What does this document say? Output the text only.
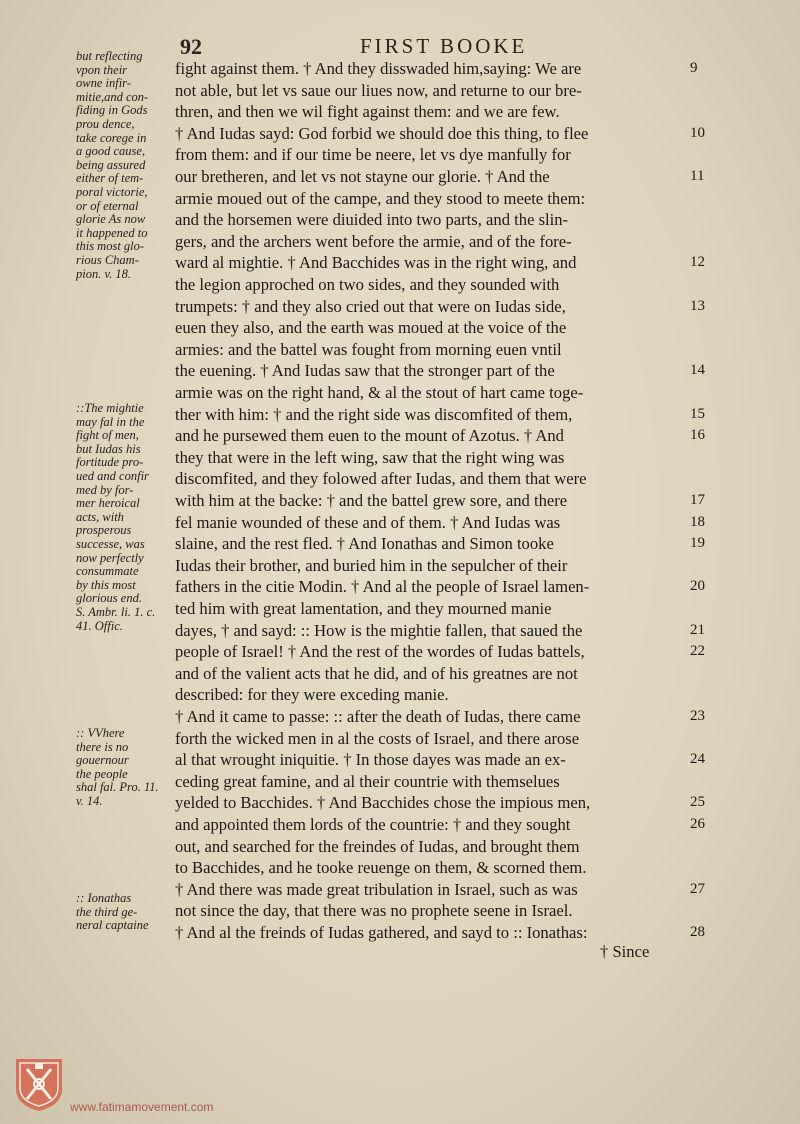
92	FIRST BOOKE
but reflecting
vpon their
owne infir-
mitie,and con-
fiding in Gods
prou dence,
take corege in
a good cause,
being assured
either of tem-
poral victorie,
or of eternal
glorie As now
it happened to
this most glo-
rious Cham-
pion. v. 18.
::The mightie
may fal in the
fight of men,
but Iudas his
fortitude pro-
ued and confir
med by for-
mer heroical
acts, with
prosperous
successe, was
now perfectly
consummate
by this most
glorious end.
S. Ambr. li. 1. c.
41. Offic.
:: VVhere
there is no
gouernour
the people
shal fal. Pro. 11.
v. 14.
:: Ionathas
the third ge-
neral captaine
fight against them. † And they disswaded him,saying: We are
not able, but let vs saue our liues now, and returne to our bre-
thren, and then we wil fight against them: and we are few.
† And Iudas sayd: God forbid we should doe this thing, to flee
from them: and if our time be neere, let vs dye manfully for
our bretheren, and let vs not stayne our glorie. † And the
armie moued out of the campe, and they stood to meete them:
and the horsemen were diuided into two parts, and the slin-
gers, and the archers went before the armie, and of the fore-
ward al mightie. † And Bacchides was in the right wing, and
the legion approched on two sides, and they sounded with
trumpets: † and they also cried out that were on Iudas side,
euen they also, and the earth was moued at the voice of the
armies: and the battel was fought from morning euen vntil
the euening. † And Iudas saw that the stronger part of the
armie was on the right hand, & al the stout of hart came toge-
ther with him: † and the right side was discomfited of them,
and he pursewed them euen to the mount of Azotus. † And
they that were in the left wing, saw that the right wing was
discomfited, and they folowed after Iudas, and them that were
with him at the backe: † and the battel grew sore, and there
fel manie wounded of these and of them. † And Iudas was
slaine, and the rest fled. † And Ionathas and Simon tooke
Iudas their brother, and buried him in the sepulcher of their
fathers in the citie Modin. † And al the people of Israel lamen-
ted him with great lamentation, and they mourned manie
dayes, † and sayd: :: How is the mightie fallen, that saued the
people of Israel! † And the rest of the wordes of Iudas battels,
and of the valient acts that he did, and of his greatnes are not
described: for they were exceding manie.
† And it came to passe: :: after the death of Iudas, there came
forth the wicked men in al the costs of Israel, and there arose
al that wrought iniquitie. † In those dayes was made an ex-
ceding great famine, and al their countrie with themselues
yelded to Bacchides. † And Bacchides chose the impious men,
and appointed them lords of the countrie: † and they sought
out, and searched for the freindes of Iudas, and brought them
to Bacchides, and he tooke reuenge on them, & scorned them.
† And there was made great tribulation in Israel, such as was
not since the day, that there was no prophete seene in Israel.
† And al the freinds of Iudas gathered, and sayd to :: Ionathas:
9
10
11
12
13
14
15
16
17
18
19
20
21
22
23
24
25
26
27
28
† Since
www.fatimamovement.com
